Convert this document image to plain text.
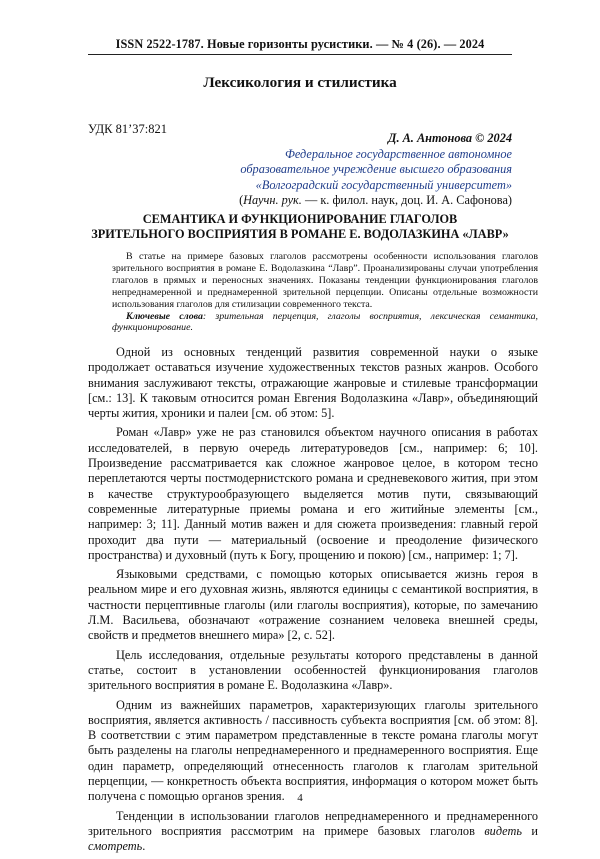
ISSN 2522-1787. Новые горизонты русистики. — № 4 (26). — 2024
Лексикология и стилистика
УДК 81’37:821
Д. А. Антонова © 2024
Федеральное государственное автономное
образовательное учреждение высшего образования
«Волгоградский государственный университет»
(Научн. рук. — к. филол. наук, доц. И. А. Сафонова)
СЕМАНТИКА И ФУНКЦИОНИРОВАНИЕ ГЛАГОЛОВ
ЗРИТЕЛЬНОГО ВОСПРИЯТИЯ В РОМАНЕ Е. ВОДОЛАЗКИНА «ЛАВР»

В статье на примере базовых глаголов рассмотрены особенности использования глаголов зрительного восприятия в романе Е. Водолазкина “Лавр”. Проанализированы случаи употребления глаголов в прямых и переносных значениях. Показаны тенденции функционирования глаголов непреднамеренной и преднамеренной зрительной перцепции. Описаны отдельные возможности использования глаголов для стилизации современного текста.

Ключевые слова: зрительная перцепция, глаголы восприятия, лексическая семантика, функционирование.

Одной из основных тенденций развития современной науки о языке продолжает оставаться изучение художественных текстов разных жанров. Особого внимания заслуживают тексты, отражающие жанровые и стилевые трансформации [см.: 13]. К таковым относится роман Евгения Водолазкина «Лавр», объединяющий черты жития, хроники и палеи [см. об этом: 5].

Роман «Лавр» уже не раз становился объектом научного описания в работах исследователей, в первую очередь литературоведов [см., например: 6; 10]. Произведение рассматривается как сложное жанровое целое, в котором тесно переплетаются черты постмодернистского романа и средневекового жития, при этом в качестве структурообразующего выделяется мотив пути, связывающий современные литературные приемы романа и его житийные элементы [см., например: 3; 11]. Данный мотив важен и для сюжета произведения: главный герой проходит два пути — материальный (освоение и преодоление физического пространства) и духовный (путь к Богу, прощению и покою) [см., например: 1; 7].

Языковыми средствами, с помощью которых описывается жизнь героя в реальном мире и его духовная жизнь, являются единицы с семантикой восприятия, в частности перцептивные глаголы (или глаголы восприятия), которые, по замечанию Л.М. Васильева, обозначают «отражение сознанием человека внешней среды, свойств и предметов внешнего мира» [2, с. 52].

Цель исследования, отдельные результаты которого представлены в данной статье, состоит в установлении особенностей функционирования глаголов зрительного восприятия в романе Е. Водолазкина «Лавр».

Одним из важнейших параметров, характеризующих глаголы зрительного восприятия, является активность / пассивность субъекта восприятия [см. об этом: 8]. В соответствии с этим параметром представленные в тексте романа глаголы могут быть разделены на глаголы непреднамеренного и преднамеренного восприятия. Еще один параметр, определяющий отнесенность глаголов к глаголам зрительной перцепции, — конкретность объекта восприятия, информация о котором может быть получена с помощью органов зрения.

Тенденции в использовании глаголов непреднамеренного и преднамеренного зрительного восприятия рассмотрим на примере базовых глаголов видеть и смотреть.

4
